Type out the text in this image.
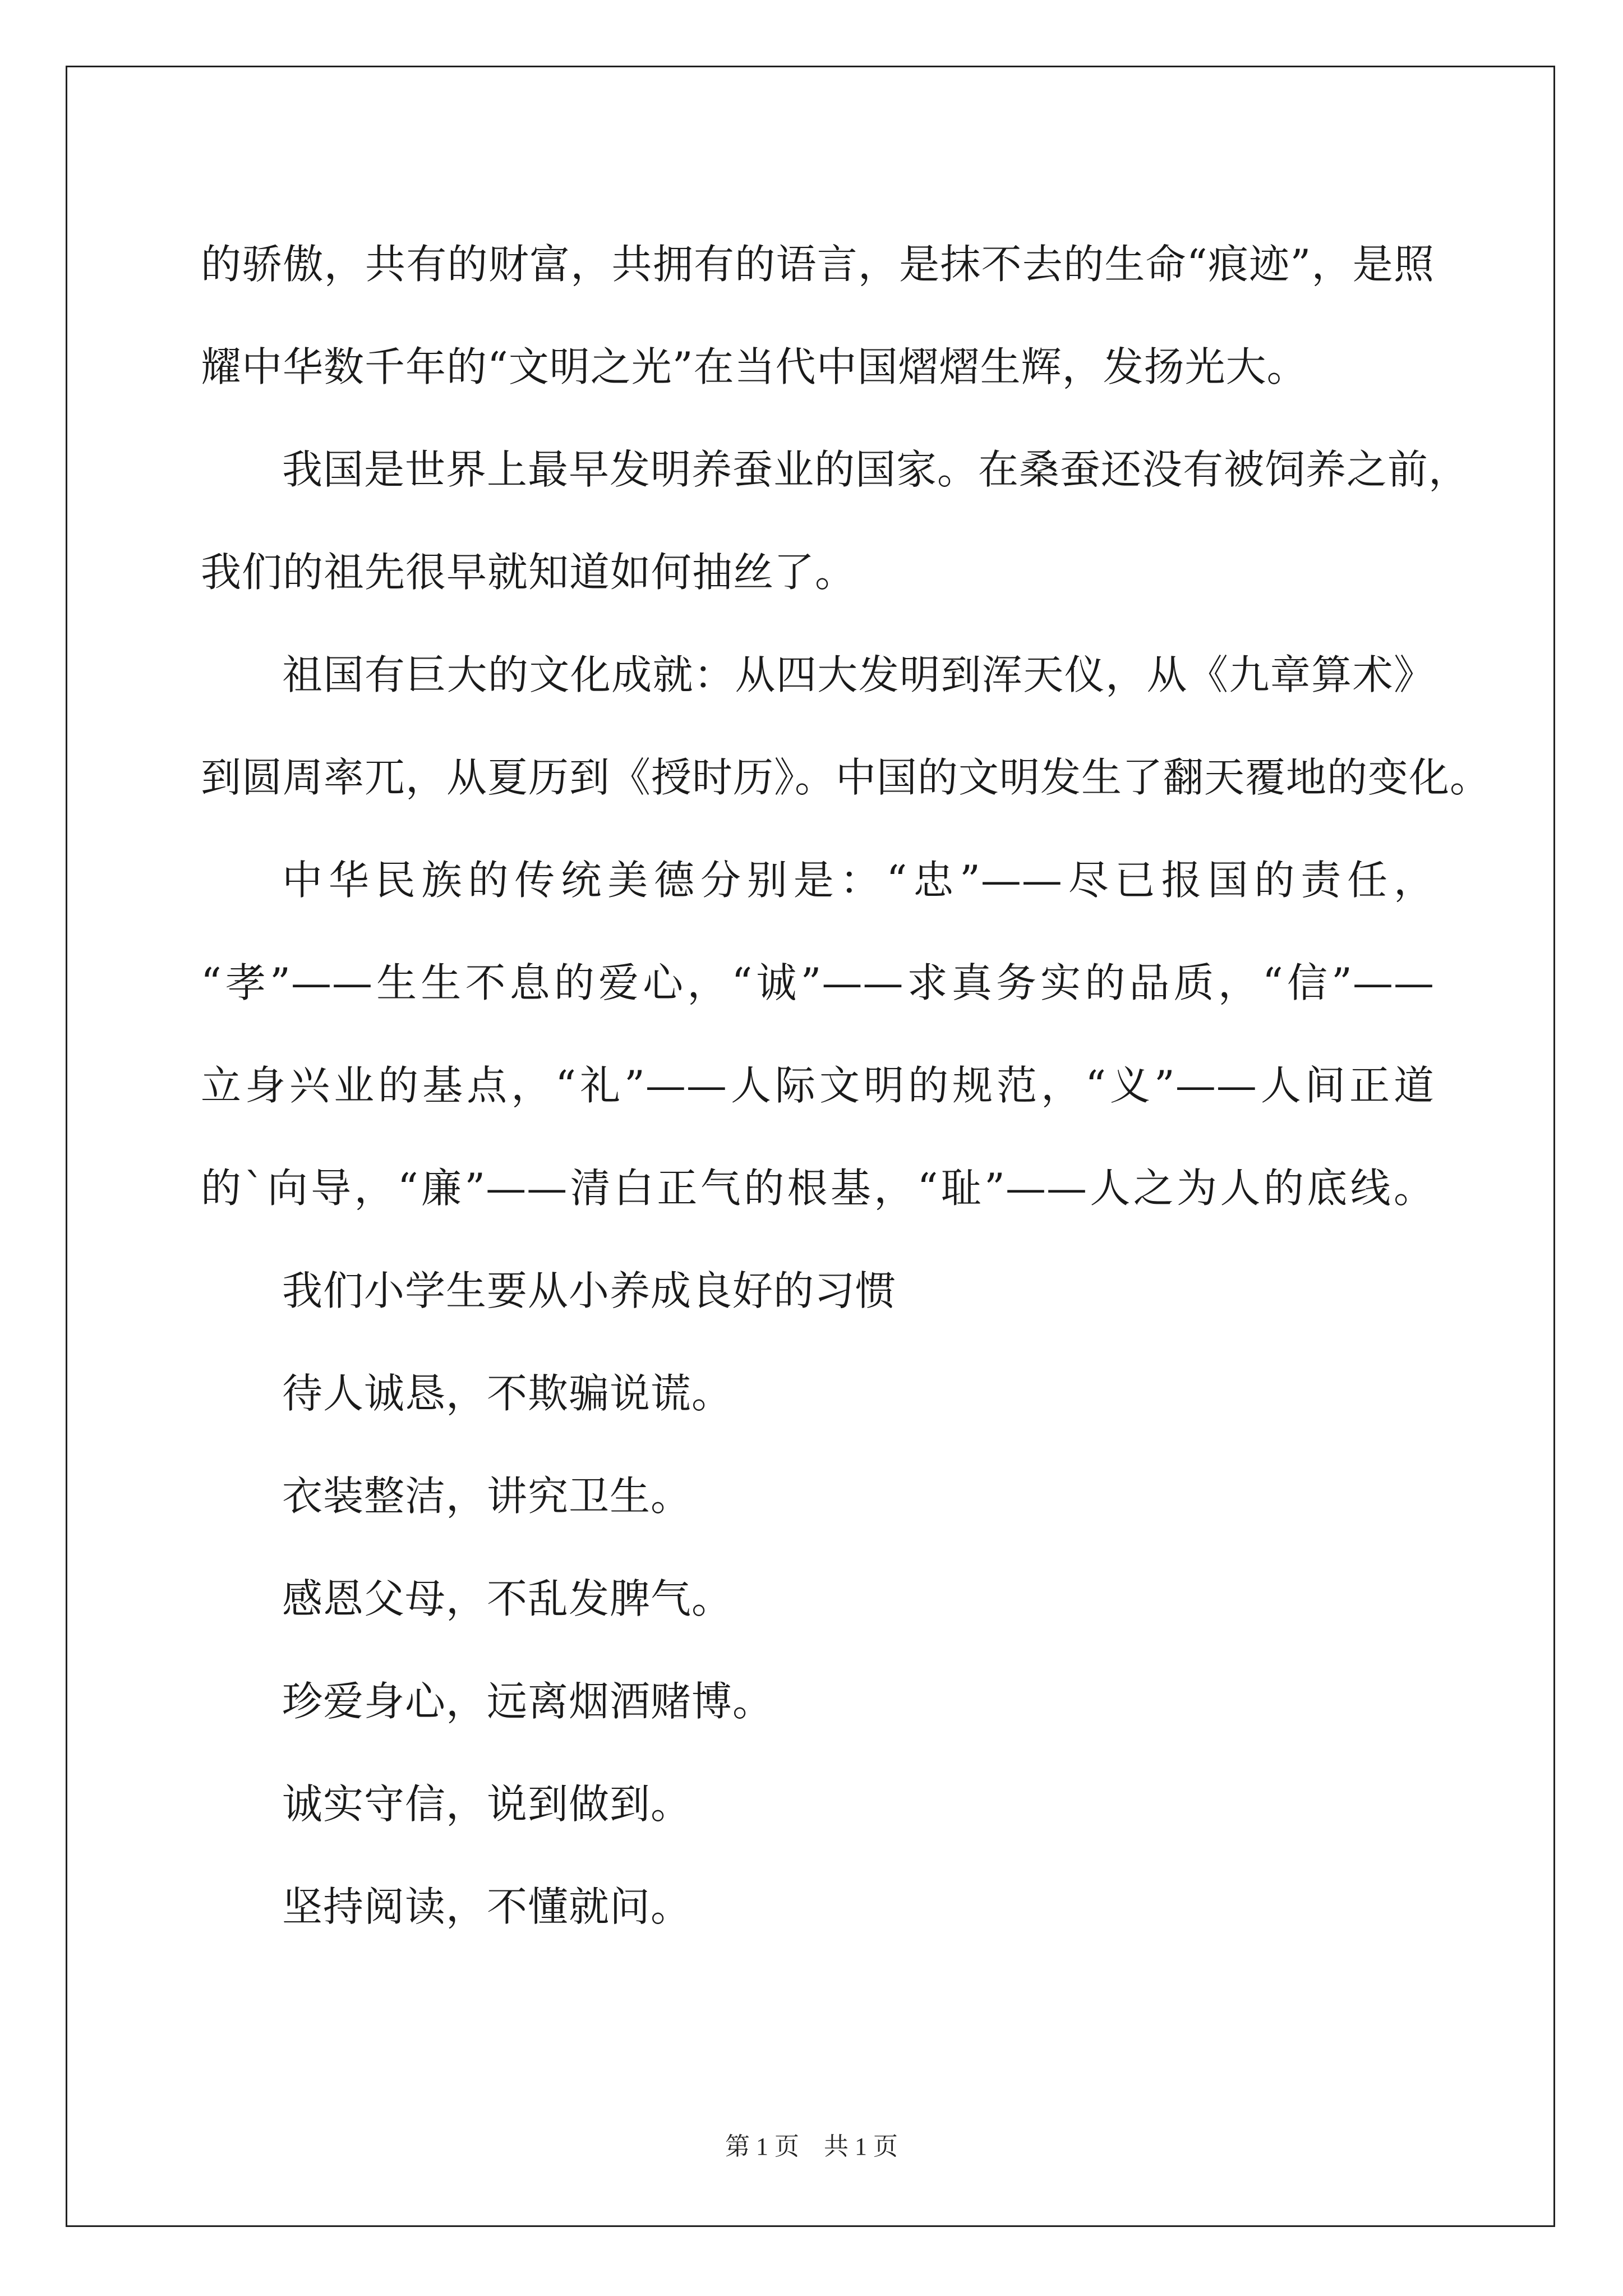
的骄傲，共有的财富，共拥有的语言，是抹不去的生命“痕迹”，是照
耀中华数千年的“文明之光”在当代中国熠熠生辉，发扬光大。
我国是世界上最早发明养蚕业的国家。在桑蚕还没有被饲养之前，
我们的祖先很早就知道如何抽丝了。
祖国有巨大的文化成就：从四大发明到浑天仪，从《九章算术》
到圆周率兀，从夏历到《授时历》。中国的文明发生了翻天覆地的变化。
中华民族的传统美德分别是：“忠”——尽已报国的责任，
“孝”——生生不息的爱心，“诚”——求真务实的品质，“信”——
立身兴业的基点，“礼”——人际文明的规范，“义”——人间正道
的`向导，“廉”——清白正气的根基，“耻”——人之为人的底线。
我们小学生要从小养成良好的习惯
待人诚恳，不欺骗说谎。
衣装整洁，讲究卫生。
感恩父母，不乱发脾气。
珍爱身心，远离烟酒赌博。
诚实守信，说到做到。
坚持阅读，不懂就问。
第 1 页　共 1 页
